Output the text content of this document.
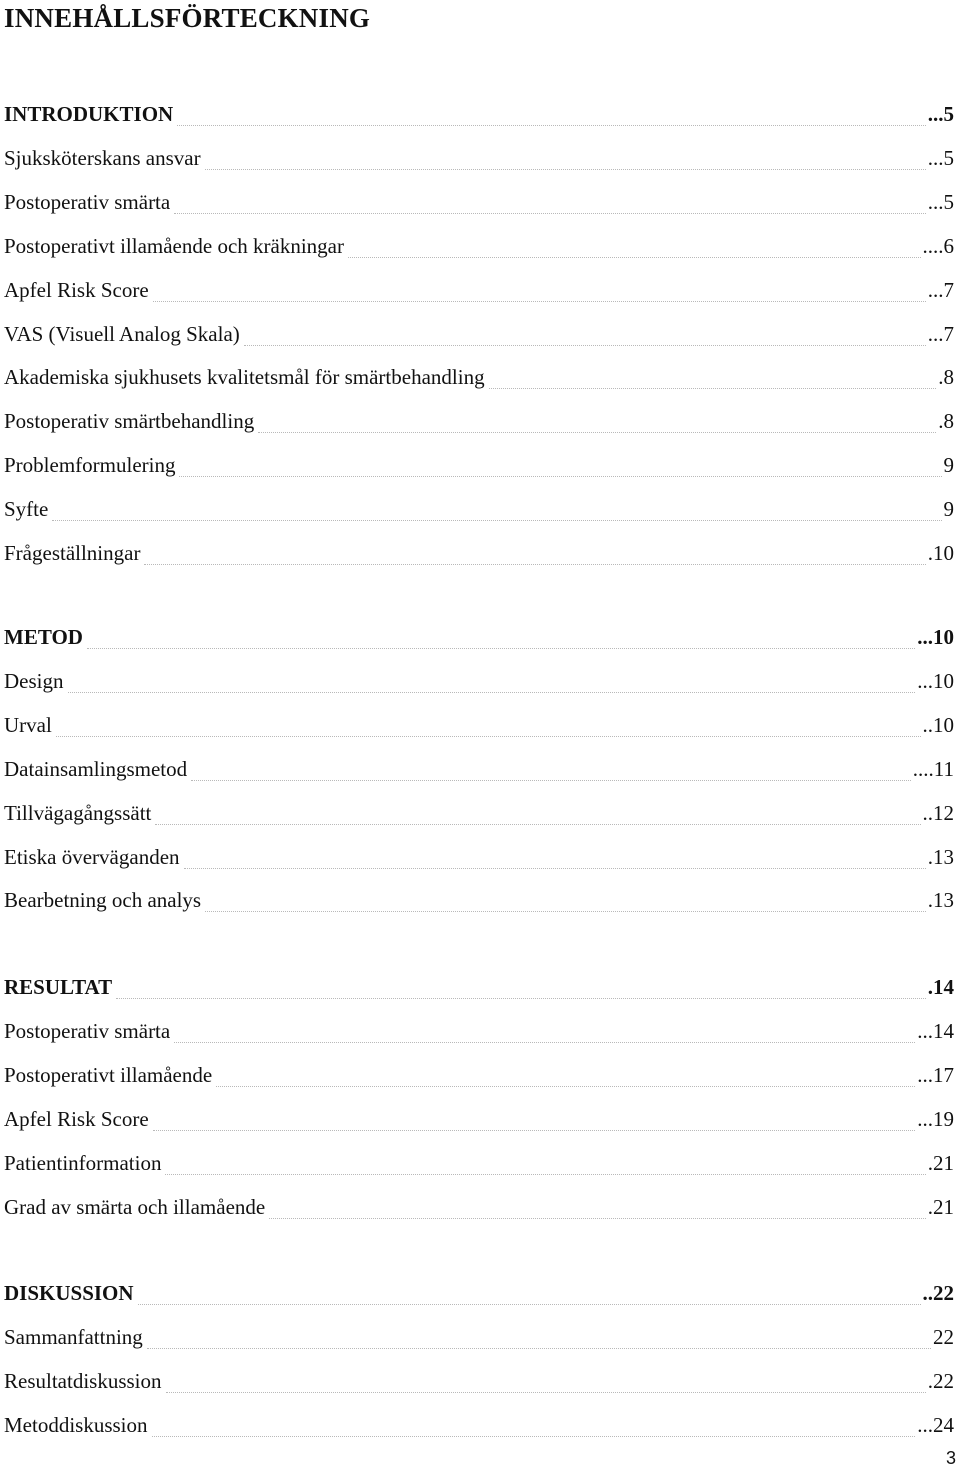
INNEHÅLLSFÖRTECKNING
INTRODUKTION …………………………………………………………………………………………………………………………………………………………………………………………………………………………	...5
Sjuksköterskans ansvar …………………………………………………………………………………………………………………………………………………………………………………………………………………………	...5
Postoperativ smärta …………………………………………………………………………………………………………………………………………………………………………………………………………………………	...5
Postoperativt illamående och kräkningar …………………………………………………………………………………………………………………………………………………………………………………………………………………………	....6
Apfel Risk Score …………………………………………………………………………………………………………………………………………………………………………………………………………………………	...7
VAS (Visuell Analog Skala) …………………………………………………………………………………………………………………………………………………………………………………………………………………………	...7
Akademiska sjukhusets kvalitetsmål för smärtbehandling …………………………………………………………………………………………………………………………………………………………………………………………………………………………	.8
Postoperativ smärtbehandling …………………………………………………………………………………………………………………………………………………………………………………………………………………………	.8
Problemformulering …………………………………………………………………………………………………………………………………………………………………………………………………………………………	9
Syfte …………………………………………………………………………………………………………………………………………………………………………………………………………………………	9
Frågeställningar …………………………………………………………………………………………………………………………………………………………………………………………………………………………	.10
METOD …………………………………………………………………………………………………………………………………………………………………………………………………………………………	...10
Design …………………………………………………………………………………………………………………………………………………………………………………………………………………………	...10
Urval …………………………………………………………………………………………………………………………………………………………………………………………………………………………	..10
Datainsamlingsmetod …………………………………………………………………………………………………………………………………………………………………………………………………………………………	....11
Tillvägagångssätt …………………………………………………………………………………………………………………………………………………………………………………………………………………………	..12
Etiska överväganden …………………………………………………………………………………………………………………………………………………………………………………………………………………………	.13
Bearbetning och analys …………………………………………………………………………………………………………………………………………………………………………………………………………………………	.13
RESULTAT …………………………………………………………………………………………………………………………………………………………………………………………………………………………	.14
Postoperativ smärta …………………………………………………………………………………………………………………………………………………………………………………………………………………………	...14
Postoperativt illamående …………………………………………………………………………………………………………………………………………………………………………………………………………………………	...17
Apfel Risk Score …………………………………………………………………………………………………………………………………………………………………………………………………………………………	...19
Patientinformation …………………………………………………………………………………………………………………………………………………………………………………………………………………………	.21
Grad av smärta och illamående …………………………………………………………………………………………………………………………………………………………………………………………………………………………	.21
DISKUSSION …………………………………………………………………………………………………………………………………………………………………………………………………………………………	..22
Sammanfattning …………………………………………………………………………………………………………………………………………………………………………………………………………………………	22
Resultatdiskussion …………………………………………………………………………………………………………………………………………………………………………………………………………………………	.22
Metoddiskussion …………………………………………………………………………………………………………………………………………………………………………………………………………………………	...24
3
